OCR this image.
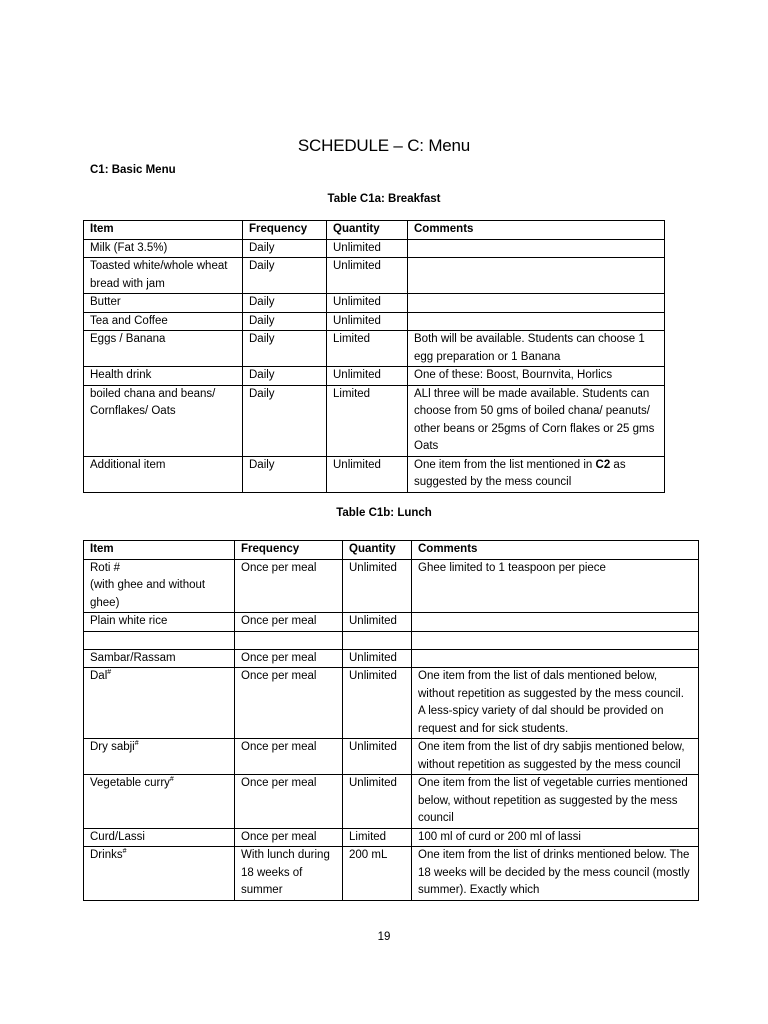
SCHEDULE – C: Menu
C1: Basic Menu
Table C1a: Breakfast
Item	Frequency	Quantity	Comments
Milk (Fat 3.5%)	Daily	Unlimited	
Toasted white/whole wheat bread with jam	Daily	Unlimited	
Butter	Daily	Unlimited	
Tea and Coffee	Daily	Unlimited	
Eggs / Banana	Daily	Limited	Both will be available. Students can choose 1 egg preparation or 1 Banana
Health drink	Daily	Unlimited	One of these: Boost, Bournvita, Horlics
boiled chana and beans/ Cornflakes/ Oats	Daily	Limited	ALl three will be made available. Students can choose from 50 gms of boiled chana/ peanuts/ other beans or 25gms of Corn flakes or 25 gms Oats
Additional item	Daily	Unlimited	One item from the list mentioned in C2 as suggested by the mess council
Table C1b: Lunch
Item	Frequency	Quantity	Comments
Roti #
(with ghee and without ghee)	Once per meal	Unlimited	Ghee limited to 1 teaspoon per piece
Plain white rice	Once per meal	Unlimited	

Sambar/Rassam	Once per meal	Unlimited	
Dal#	Once per meal	Unlimited	One item from the list of dals mentioned below, without repetition as suggested by the mess council.
A less-spicy variety of dal should be provided on request and for sick students.
Dry sabji#	Once per meal	Unlimited	One item from the list of dry sabjis mentioned below, without repetition as suggested by the mess council
Vegetable curry#	Once per meal	Unlimited	One item from the list of vegetable curries mentioned below, without repetition as suggested by the mess council
Curd/Lassi	Once per meal	Limited	100 ml of curd or 200 ml of lassi
Drinks#	With lunch during 18 weeks of summer	200 mL	One item from the list of drinks mentioned below. The 18 weeks will be decided by the mess council (mostly summer). Exactly which
19
